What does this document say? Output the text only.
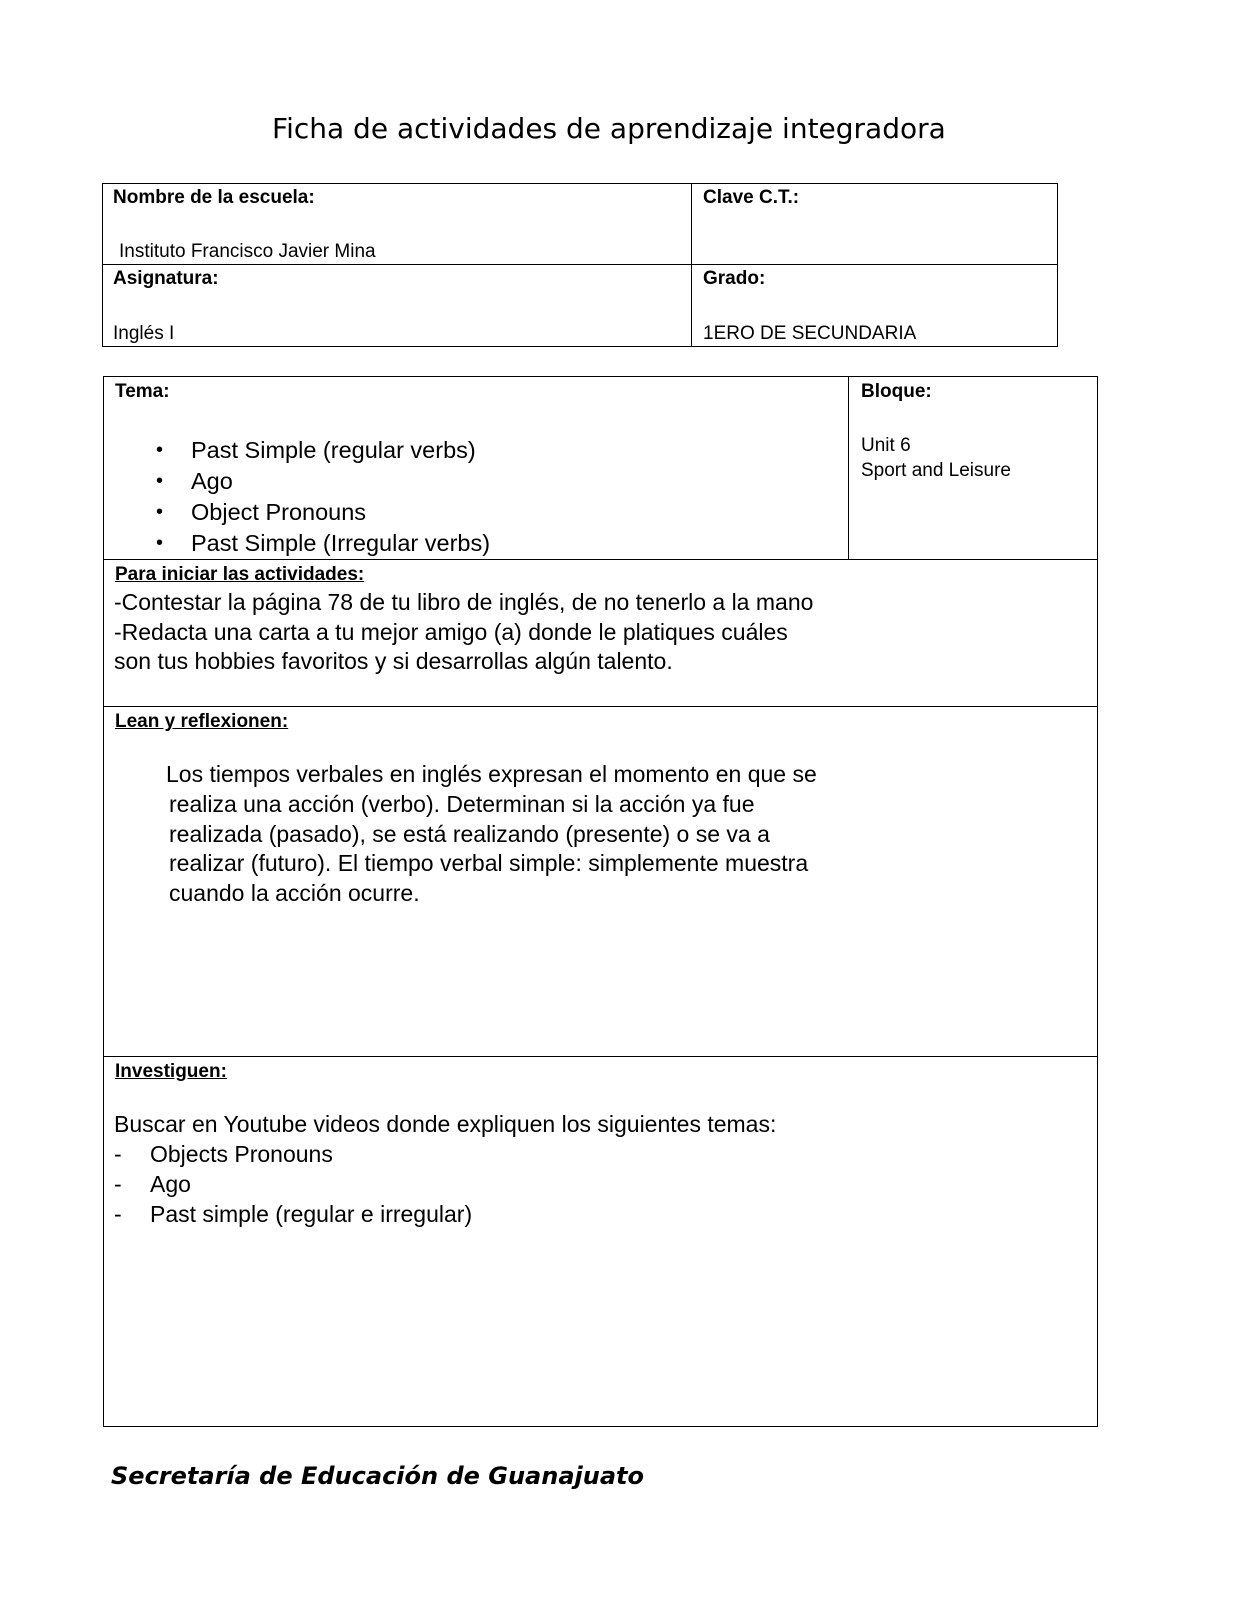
Ficha de actividades de aprendizaje integradora
Nombre de la escuela:
Instituto Francisco Javier Mina
Clave C.T.:
Asignatura:
Inglés I
Grado:
1ERO DE SECUNDARIA
Tema:
• Past Simple (regular verbs)
• Ago
• Object Pronouns
• Past Simple (Irregular verbs)
Bloque:
Unit 6
Sport and Leisure
Para iniciar las actividades:
-Contestar la página 78 de tu libro de inglés, de no tenerlo a la mano
-Redacta una carta a tu mejor amigo (a) donde le platiques cuáles
son tus hobbies favoritos y si desarrollas algún talento.
Lean y reflexionen:
Los tiempos verbales en inglés expresan el momento en que se
realiza una acción (verbo). Determinan si la acción ya fue
realizada (pasado), se está realizando (presente) o se va a
realizar (futuro). El tiempo verbal simple: simplemente muestra
cuando la acción ocurre.
Investiguen:
Buscar en Youtube videos donde expliquen los siguientes temas:
- Objects Pronouns
- Ago
- Past simple (regular e irregular)
Secretaría de Educación de Guanajuato
